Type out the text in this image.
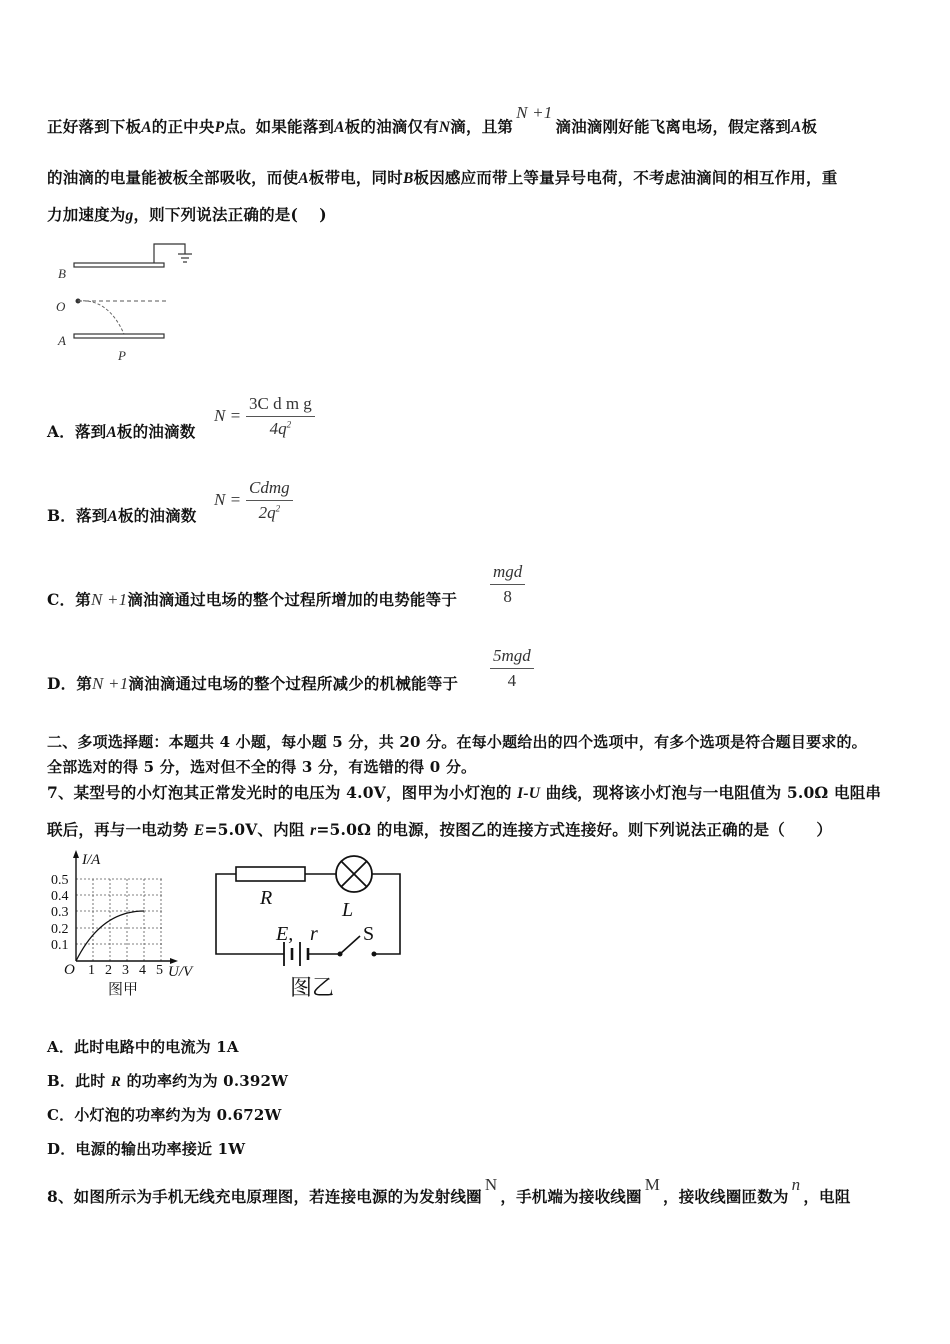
正好落到下板A的正中央P点。如果能落到A板的油滴仅有N滴，且第N +1滴油滴刚好能飞离电场，假定落到A板
的油滴的电量能被板全部吸收，而使A板带电，同时B板因感应而带上等量异号电荷，不考虑油滴间的相互作用，重
力加速度为g，则下列说法正确的是(　 )
B
O
A
P
A．落到A板的油滴数
N =
3C d m g
$4q^2$
B．落到A板的油滴数
N =
Cdmg
$2q^2$
C．第N +1滴油滴通过电场的整个过程所增加的电势能等于
mgd
8
D．第N +1滴油滴通过电场的整个过程所减少的机械能等于
5mgd
4
二、多项选择题：本题共 4 小题，每小题 5 分，共 20 分。在每小题给出的四个选项中，有多个选项是符合题目要求的。
全部选对的得 5 分，选对但不全的得 3 分，有选错的得 0 分。
7、某型号的小灯泡其正常发光时的电压为 4.0V，图甲为小灯泡的 I-U 曲线，现将该小灯泡与一电阻值为 5.0Ω 电阻串
联后，再与一电动势 E=5.0V、内阻 r=5.0Ω 的电源，按图乙的连接方式连接好。则下列说法正确的是（　　）
I/A
0.5
0.4
0.3
0.2
0.1
O 1 2 3 4 5 U/V
图甲
R
L
E, r S
图乙
A．此时电路中的电流为 1A
B．此时 R 的功率约为为 0.392W
C．小灯泡的功率约为为 0.672W
D．电源的输出功率接近 1W
8、如图所示为手机无线充电原理图，若连接电源的为发射线圈N，手机端为接收线圈M，接收线圈匝数为n，电阻
